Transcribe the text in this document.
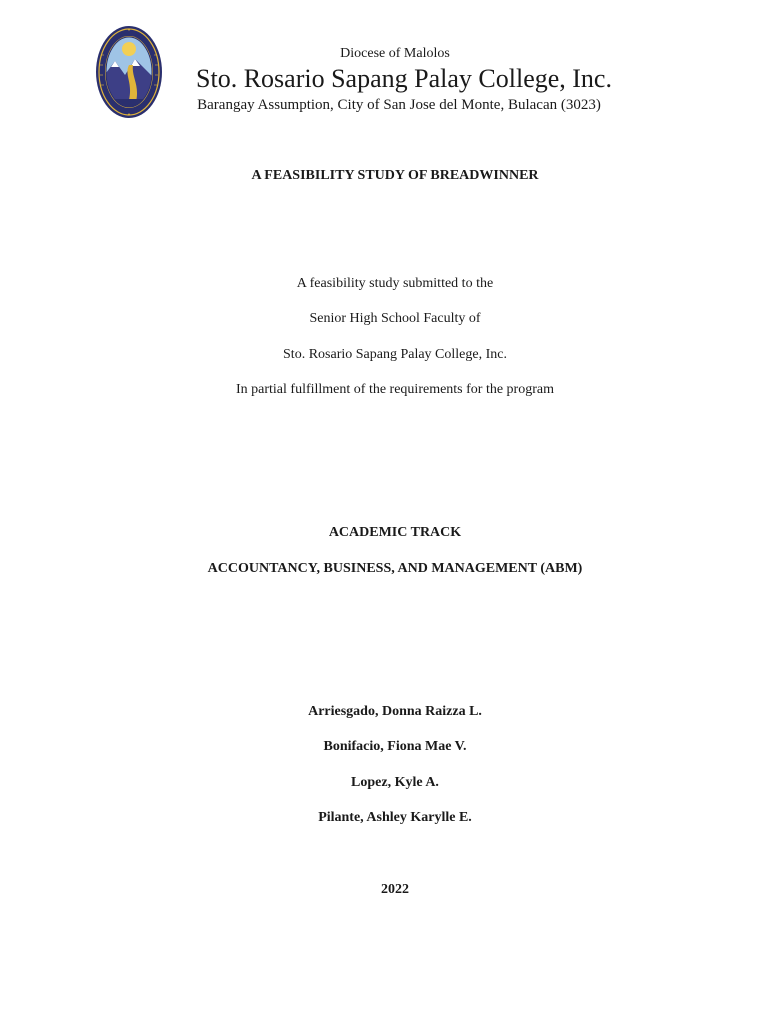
Diocese of Malolos
Sto. Rosario Sapang Palay College, Inc.
Barangay Assumption, City of San Jose del Monte, Bulacan (3023)
A FEASIBILITY STUDY OF BREADWINNER
A feasibility study submitted to the
Senior High School Faculty of
Sto. Rosario Sapang Palay College, Inc.
In partial fulfillment of the requirements for the program
ACADEMIC TRACK
ACCOUNTANCY, BUSINESS, AND MANAGEMENT (ABM)
Arriesgado, Donna Raizza L.
Bonifacio, Fiona Mae V.
Lopez, Kyle A.
Pilante, Ashley Karylle E.
2022
